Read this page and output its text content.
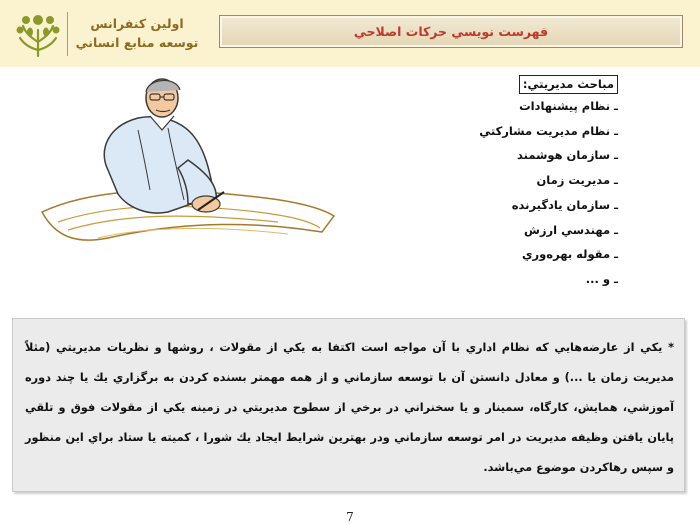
اولين كنفرانس
توسعه منابع انساني
فهرست نويسي حركات اصلاحي
مباحث مديريتي:
ـ نظام پيشنهادات
ـ نظام مديريت مشاركتي
ـ سازمان هوشمند
ـ مديريت زمان
ـ سازمان يادگيرنده
ـ مهندسي ارزش
ـ مقوله بهره‌وري
ـ و ...

* يكي از عارضه‌هايي كه نظام اداري با آن مواجه است اكتفا به يكي از مقولات ، روشها و نظريات مديريتي (مثلاً مديريت زمان يا ...) و معادل دانستن آن با توسعه سازماني و از همه مهمتر بسنده كردن به برگزاري يك يا چند دوره آموزشي، همايش، كارگاه، سمينار و يا سخنراني در برخي از سطوح مديريتي در زمينه يكي از مقولات فوق و تلقي پايان يافتن وظيفه مديريت در امر توسعه سازماني ودر بهترين شرايط ايجاد يك شورا ، كميته يا ستاد براي اين منظور و سپس رهاكردن موضوع مي‌باشد.

7
